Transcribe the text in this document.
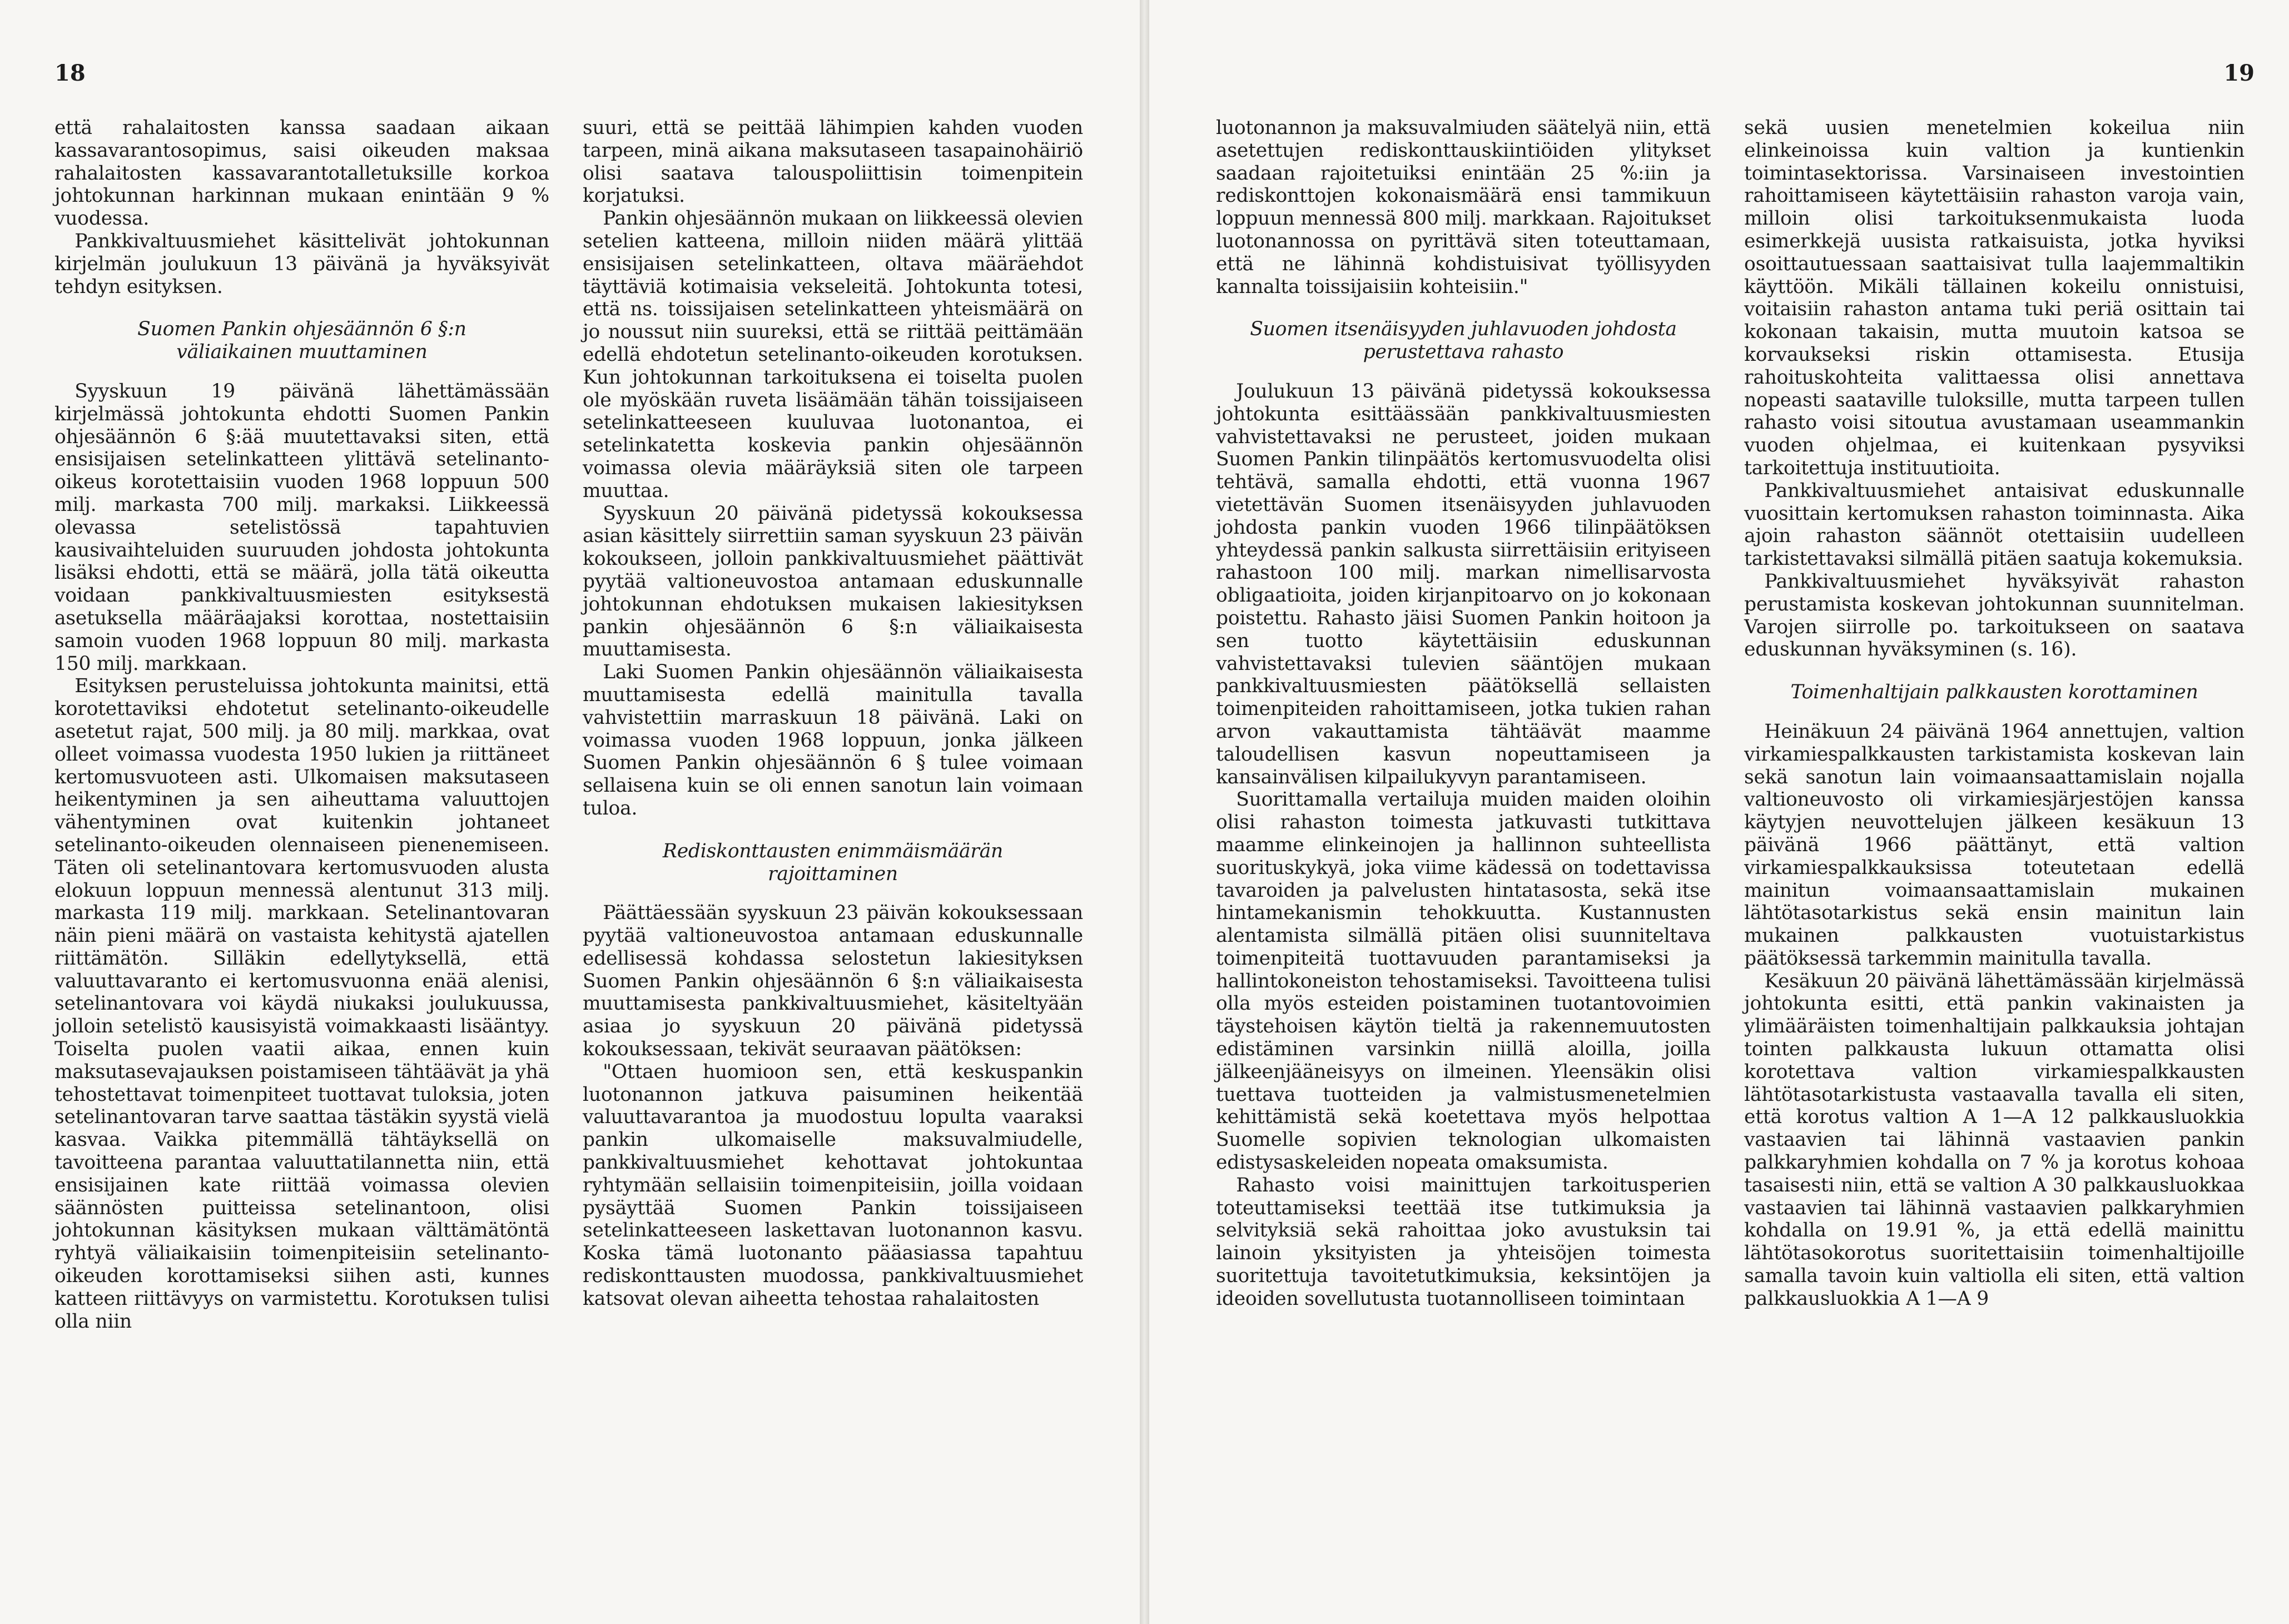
18

että rahalaitosten kanssa saadaan aikaan kassavarantosopimus, saisi oikeuden maksaa rahalaitosten kassavarantotalletuksille korkoa johtokunnan harkinnan mukaan enintään 9 % vuodessa.

Pankkivaltuusmiehet käsittelivät johtokunnan kirjelmän joulukuun 13 päivänä ja hyväksyivät tehdyn esityksen.

Suomen Pankin ohjesäännön 6 §:n
väliaikainen muuttaminen

Syyskuun 19 päivänä lähettämässään kirjelmässä johtokunta ehdotti Suomen Pankin ohjesäännön 6 §:ää muutettavaksi siten, että ensisijaisen setelinkatteen ylittävä setelinanto-oikeus korotettaisiin vuoden 1968 loppuun 500 milj. markasta 700 milj. markaksi. Liikkeessä olevassa setelistössä tapahtuvien kausivaihteluiden suuruuden johdosta johtokunta lisäksi ehdotti, että se määrä, jolla tätä oikeutta voidaan pankkivaltuusmiesten esityksestä asetuksella määräajaksi korottaa, nostettaisiin samoin vuoden 1968 loppuun 80 milj. markasta 150 milj. markkaan.

Esityksen perusteluissa johtokunta mainitsi, että korotettaviksi ehdotetut setelinanto-oikeudelle asetetut rajat, 500 milj. ja 80 milj. markkaa, ovat olleet voimassa vuodesta 1950 lukien ja riittäneet kertomusvuoteen asti. Ulkomaisen maksutaseen heikentyminen ja sen aiheuttama valuuttojen vähentyminen ovat kuitenkin johtaneet setelinanto-oikeuden olennaiseen pienenemiseen. Täten oli setelinantovara kertomusvuoden alusta elokuun loppuun mennessä alentunut 313 milj. markasta 119 milj. markkaan. Setelinantovaran näin pieni määrä on vastaista kehitystä ajatellen riittämätön. Silläkin edellytyksellä, että valuuttavaranto ei kertomusvuonna enää alenisi, setelinantovara voi käydä niukaksi joulukuussa, jolloin setelistö kausisyistä voimakkaasti lisääntyy. Toiselta puolen vaatii aikaa, ennen kuin maksutasevajauksen poistamiseen tähtäävät ja yhä tehostettavat toimenpiteet tuottavat tuloksia, joten setelinantovaran tarve saattaa tästäkin syystä vielä kasvaa. Vaikka pitemmällä tähtäyksellä on tavoitteena parantaa valuuttatilannetta niin, että ensisijainen kate riittää voimassa olevien säännösten puitteissa setelinantoon, olisi johtokunnan käsityksen mukaan välttämätöntä ryhtyä väliaikaisiin toimenpiteisiin setelinanto-oikeuden korottamiseksi siihen asti, kunnes katteen riittävyys on varmistettu. Korotuksen tulisi olla niin

suuri, että se peittää lähimpien kahden vuoden tarpeen, minä aikana maksutaseen tasapainohäiriö olisi saatava talouspoliittisin toimenpitein korjatuksi.

Pankin ohjesäännön mukaan on liikkeessä olevien setelien katteena, milloin niiden määrä ylittää ensisijaisen setelinkatteen, oltava määräehdot täyttäviä kotimaisia vekseleitä. Johtokunta totesi, että ns. toissijaisen setelinkatteen yhteismäärä on jo noussut niin suureksi, että se riittää peittämään edellä ehdotetun setelinanto-oikeuden korotuksen. Kun johtokunnan tarkoituksena ei toiselta puolen ole myöskään ruveta lisäämään tähän toissijaiseen setelinkatteeseen kuuluvaa luotonantoa, ei setelinkatetta koskevia pankin ohjesäännön voimassa olevia määräyksiä siten ole tarpeen muuttaa.

Syyskuun 20 päivänä pidetyssä kokouksessa asian käsittely siirrettiin saman syyskuun 23 päivän kokoukseen, jolloin pankkivaltuusmiehet päättivät pyytää valtioneuvostoa antamaan eduskunnalle johtokunnan ehdotuksen mukaisen lakiesityksen pankin ohjesäännön 6 §:n väliaikaisesta muuttamisesta.

Laki Suomen Pankin ohjesäännön väliaikaisesta muuttamisesta edellä mainitulla tavalla vahvistettiin marraskuun 18 päivänä. Laki on voimassa vuoden 1968 loppuun, jonka jälkeen Suomen Pankin ohjesäännön 6 § tulee voimaan sellaisena kuin se oli ennen sanotun lain voimaan tuloa.

Rediskonttausten enimmäismäärän
rajoittaminen

Päättäessään syyskuun 23 päivän kokouksessaan pyytää valtioneuvostoa antamaan eduskunnalle edellisessä kohdassa selostetun lakiesityksen Suomen Pankin ohjesäännön 6 §:n väliaikaisesta muuttamisesta pankkivaltuusmiehet, käsiteltyään asiaa jo syyskuun 20 päivänä pidetyssä kokouksessaan, tekivät seuraavan päätöksen:

"Ottaen huomioon sen, että keskuspankin luotonannon jatkuva paisuminen heikentää valuuttavarantoa ja muodostuu lopulta vaaraksi pankin ulkomaiselle maksuvalmiudelle, pankkivaltuusmiehet kehottavat johtokuntaa ryhtymään sellaisiin toimenpiteisiin, joilla voidaan pysäyttää Suomen Pankin toissijaiseen setelinkatteeseen laskettavan luotonannon kasvu. Koska tämä luotonanto pääasiassa tapahtuu rediskonttausten muodossa, pankkivaltuusmiehet katsovat olevan aiheetta tehostaa rahalaitosten

19

luotonannon ja maksuvalmiuden säätelyä niin, että asetettujen rediskonttauskiintiöiden ylitykset saadaan rajoitetuiksi enintään 25 %:iin ja rediskonttojen kokonaismäärä ensi tammikuun loppuun mennessä 800 milj. markkaan. Rajoitukset luotonannossa on pyrittävä siten toteuttamaan, että ne lähinnä kohdistuisivat työllisyyden kannalta toissijaisiin kohteisiin."

Suomen itsenäisyyden juhlavuoden johdosta
perustettava rahasto

Joulukuun 13 päivänä pidetyssä kokouksessa johtokunta esittäässään pankkivaltuusmiesten vahvistettavaksi ne perusteet, joiden mukaan Suomen Pankin tilinpäätös kertomusvuodelta olisi tehtävä, samalla ehdotti, että vuonna 1967 vietettävän Suomen itsenäisyyden juhlavuoden johdosta pankin vuoden 1966 tilinpäätöksen yhteydessä pankin salkusta siirrettäisiin erityiseen rahastoon 100 milj. markan nimellisarvosta obligaatioita, joiden kirjanpitoarvo on jo kokonaan poistettu. Rahasto jäisi Suomen Pankin hoitoon ja sen tuotto käytettäisiin eduskunnan vahvistettavaksi tulevien sääntöjen mukaan pankkivaltuusmiesten päätöksellä sellaisten toimenpiteiden rahoittamiseen, jotka tukien rahan arvon vakauttamista tähtäävät maamme taloudellisen kasvun nopeuttamiseen ja kansainvälisen kilpailukyvyn parantamiseen.

Suorittamalla vertailuja muiden maiden oloihin olisi rahaston toimesta jatkuvasti tutkittava maamme elinkeinojen ja hallinnon suhteellista suorituskykyä, joka viime kädessä on todettavissa tavaroiden ja palvelusten hintatasosta, sekä itse hintamekanismin tehokkuutta. Kustannusten alentamista silmällä pitäen olisi suunniteltava toimenpiteitä tuottavuuden parantamiseksi ja hallintokoneiston tehostamiseksi. Tavoitteena tulisi olla myös esteiden poistaminen tuotantovoimien täystehoisen käytön tieltä ja rakennemuutosten edistäminen varsinkin niillä aloilla, joilla jälkeenjääneisyys on ilmeinen. Yleensäkin olisi tuettava tuotteiden ja valmistusmenetelmien kehittämistä sekä koetettava myös helpottaa Suomelle sopivien teknologian ulkomaisten edistysaskeleiden nopeata omaksumista.

Rahasto voisi mainittujen tarkoitusperien toteuttamiseksi teettää itse tutkimuksia ja selvityksiä sekä rahoittaa joko avustuksin tai lainoin yksityisten ja yhteisöjen toimesta suoritettuja tavoitetutkimuksia, keksintöjen ja ideoiden sovellutusta tuotannolliseen toimintaan

sekä uusien menetelmien kokeilua niin elinkeinoissa kuin valtion ja kuntienkin toimintasektorissa. Varsinaiseen investointien rahoittamiseen käytettäisiin rahaston varoja vain, milloin olisi tarkoituksenmukaista luoda esimerkkejä uusista ratkaisuista, jotka hyviksi osoittautuessaan saattaisivat tulla laajemmaltikin käyttöön. Mikäli tällainen kokeilu onnistuisi, voitaisiin rahaston antama tuki periä osittain tai kokonaan takaisin, mutta muutoin katsoa se korvaukseksi riskin ottamisesta. Etusija rahoituskohteita valittaessa olisi annettava nopeasti saataville tuloksille, mutta tarpeen tullen rahasto voisi sitoutua avustamaan useammankin vuoden ohjelmaa, ei kuitenkaan pysyviksi tarkoitettuja instituutioita.

Pankkivaltuusmiehet antaisivat eduskunnalle vuosittain kertomuksen rahaston toiminnasta. Aika ajoin rahaston säännöt otettaisiin uudelleen tarkistettavaksi silmällä pitäen saatuja kokemuksia.

Pankkivaltuusmiehet hyväksyivät rahaston perustamista koskevan johtokunnan suunnitelman. Varojen siirrolle po. tarkoitukseen on saatava eduskunnan hyväksyminen (s. 16).

Toimenhaltijain palkkausten korottaminen

Heinäkuun 24 päivänä 1964 annettujen, valtion virkamiespalkkausten tarkistamista koskevan lain sekä sanotun lain voimaansaattamislain nojalla valtioneuvosto oli virkamiesjärjestöjen kanssa käytyjen neuvottelujen jälkeen kesäkuun 13 päivänä 1966 päättänyt, että valtion virkamiespalkkauksissa toteutetaan edellä mainitun voimaansaattamislain mukainen lähtötasotarkistus sekä ensin mainitun lain mukainen palkkausten vuotuistarkistus päätöksessä tarkemmin mainitulla tavalla.

Kesäkuun 20 päivänä lähettämässään kirjelmässä johtokunta esitti, että pankin vakinaisten ja ylimääräisten toimenhaltijain palkkauksia johtajan tointen palkkausta lukuun ottamatta olisi korotettava valtion virkamiespalkkausten lähtötasotarkistusta vastaavalla tavalla eli siten, että korotus valtion A 1—A 12 palkkausluokkia vastaavien tai lähinnä vastaavien pankin palkkaryhmien kohdalla on 7 % ja korotus kohoaa tasaisesti niin, että se valtion A 30 palkkausluokkaa vastaavien tai lähinnä vastaavien palkkaryhmien kohdalla on 19.91 %, ja että edellä mainittu lähtötasokorotus suoritettaisiin toimenhaltijoille samalla tavoin kuin valtiolla eli siten, että valtion palkkausluokkia A 1—A 9
